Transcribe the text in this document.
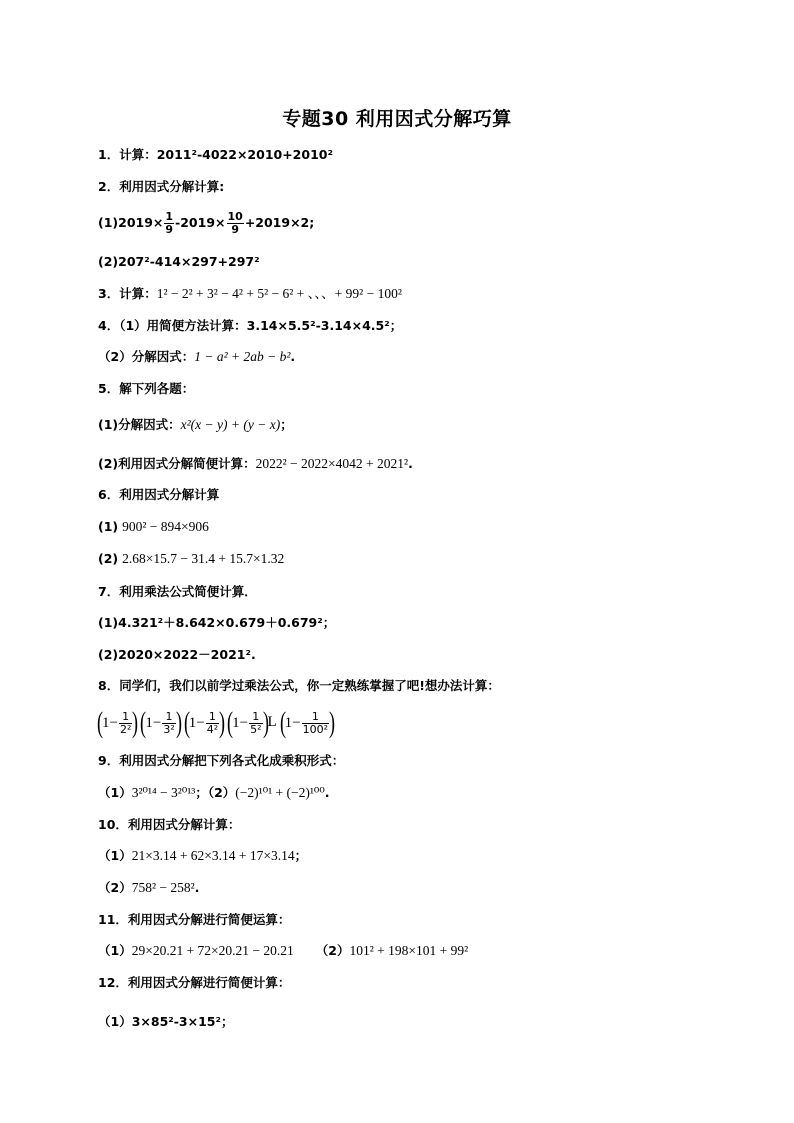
专题30 利用因式分解巧算
1．计算：2011²-4022×2010+2010²
2．利用因式分解计算:
$(1)2019\times \frac{1}{9} -2019\times \frac{10}{9} +2019\times 2$;
(2)207²-414×297+297²
3．计算：1² − 2² + 3² − 4² + 5² − 6² + 、、、+ 99² − 100²
4．（1）用简便方法计算：3.14×5.5²-3.14×4.5²；
（2）分解因式：1 − a² + 2ab − b².
5．解下列各题：
(1)分解因式：x²(x − y) + (y − x)；
(2)利用因式分解简便计算：2022² − 2022×4042 + 2021².
6．利用因式分解计算
(1) 900² − 894×906
(2) 2.68×15.7 − 31.4 + 15.7×1.32
7．利用乘法公式简便计算．
(1)4.321²＋8.642×0.679＋0.679²；
(2)2020×2022－2021².
8．同学们，我们以前学过乘法公式，你一定熟练掌握了吧!想办法计算：
($1- \frac{1}{\text{2²}}$ ) ($1- \frac{1}{\text{3²}}$ ) ($1- \frac{1}{\text{4²}}$ ) $(1- \frac{1}{\text{5²}} )L$ ($1- \frac{1}{\text{100²}}$ )
9．利用因式分解把下列各式化成乘积形式：
（1）3²⁰¹⁴ − 3²⁰¹³；（2）(−2)¹⁰¹ + (−2)¹⁰⁰.
10．利用因式分解计算：
（1）21×3.14 + 62×3.14 + 17×3.14；
（2）758² − 258².
11．利用因式分解进行简便运算：
（1）29×20.21 + 72×20.21 − 20.21 （2）101² + 198×101 + 99²
12．利用因式分解进行简便计算：
（1）3×85²-3×15²；
